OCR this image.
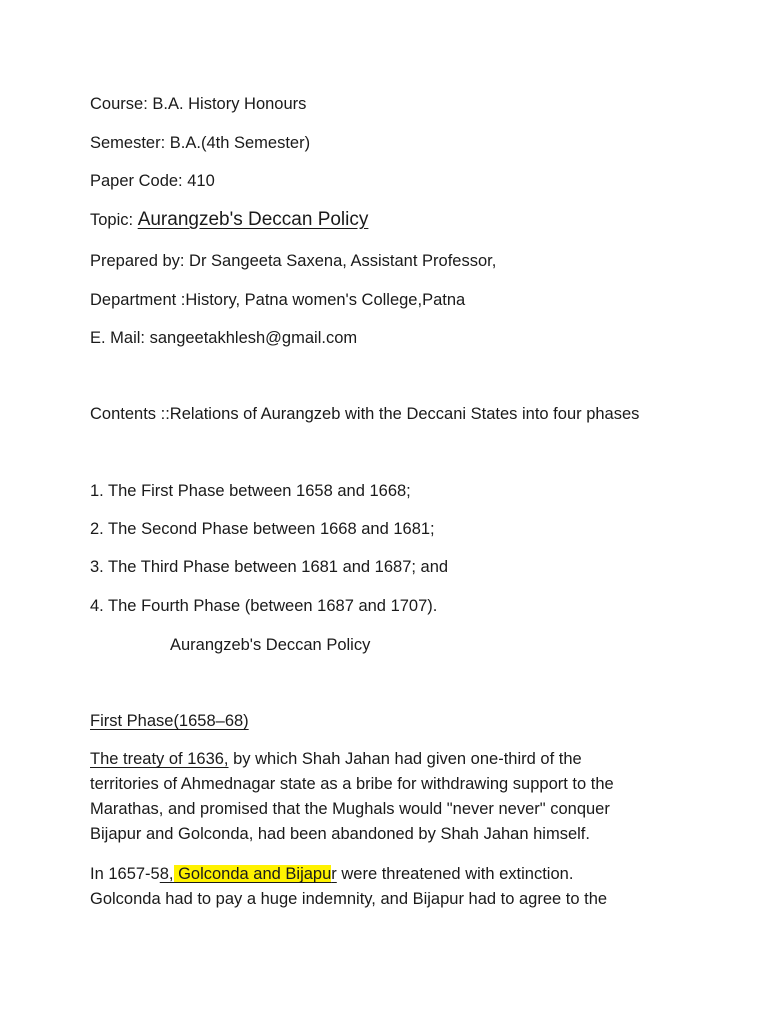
Course: B.A. History Honours
Semester: B.A.(4th Semester)
Paper Code: 410
Topic: Aurangzeb's Deccan Policy
Prepared by: Dr Sangeeta Saxena, Assistant Professor,
Department :History, Patna women's College,Patna
E. Mail: sangeetakhlesh@gmail.com
Contents ::Relations of Aurangzeb with the Deccani States into four phases
1. The First Phase between 1658 and 1668;
2. The Second Phase between 1668 and 1681;
3. The Third Phase between 1681 and 1687; and
4. The Fourth Phase (between 1687 and 1707).
Aurangzeb's Deccan Policy
First Phase(1658–68)
The treaty of 1636, by which Shah Jahan had given one-third of the
territories of Ahmednagar state as a bribe for withdrawing support to the
Marathas, and promised that the Mughals would "never never" conquer
Bijapur and Golconda, had been abandoned by Shah Jahan himself.
In 1657-58, Golconda and Bijapur were threatened with extinction.
Golconda had to pay a huge indemnity, and Bijapur had to agree to the
